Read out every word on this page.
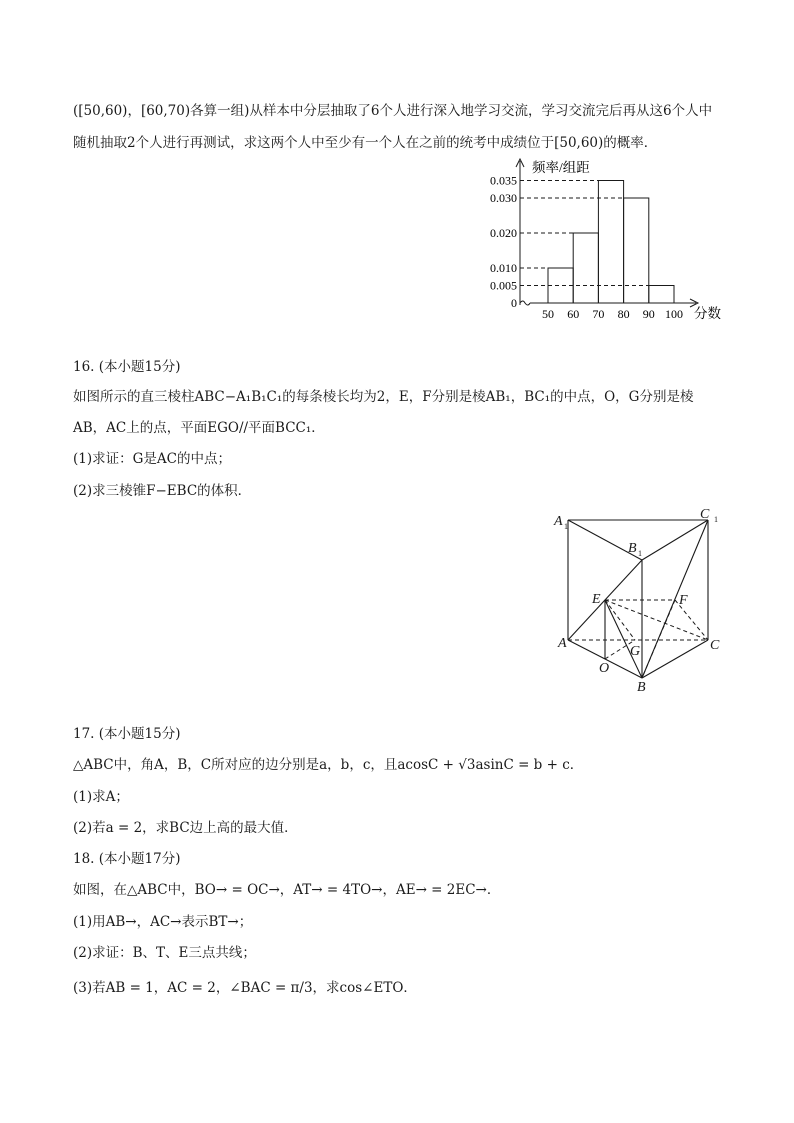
([50,60)，[60,70)各算一组)从样本中分层抽取了6个人进行深入地学习交流，学习交流完后再从这6个人中
随机抽取2个人进行再测试，求这两个人中至少有一个人在之前的统考中成绩位于[50,60)的概率．
频率/组距
分数
0
0.005
0.010
0.020
0.030
0.035
50 60 70 80 90 100
16. (本小题15分)
如图所示的直三棱柱ABC−A₁B₁C₁的每条棱长均为2，E，F分别是棱AB₁，BC₁的中点，O，G分别是棱
AB，AC上的点，平面EGO//平面BCC₁．
(1)求证：G是AC的中点；
(2)求三棱锥F−EBC的体积．
A 1
C 1
B 1
E	F
A	C
G
O
B
17. (本小题15分)
△ABC中，角A，B，C所对应的边分别是a，b，c，且acosC + √3asinC = b + c．
(1)求A；
(2)若a = 2，求BC边上高的最大值．
18. (本小题17分)
如图，在△ABC中，BO→ = OC→，AT→ = 4TO→，AE→ = 2EC→．
(1)用AB→，AC→表示BT→；
(2)求证：B、T、E三点共线；
(3)若AB = 1，AC = 2，∠BAC = π/3，求cos∠ETO．
